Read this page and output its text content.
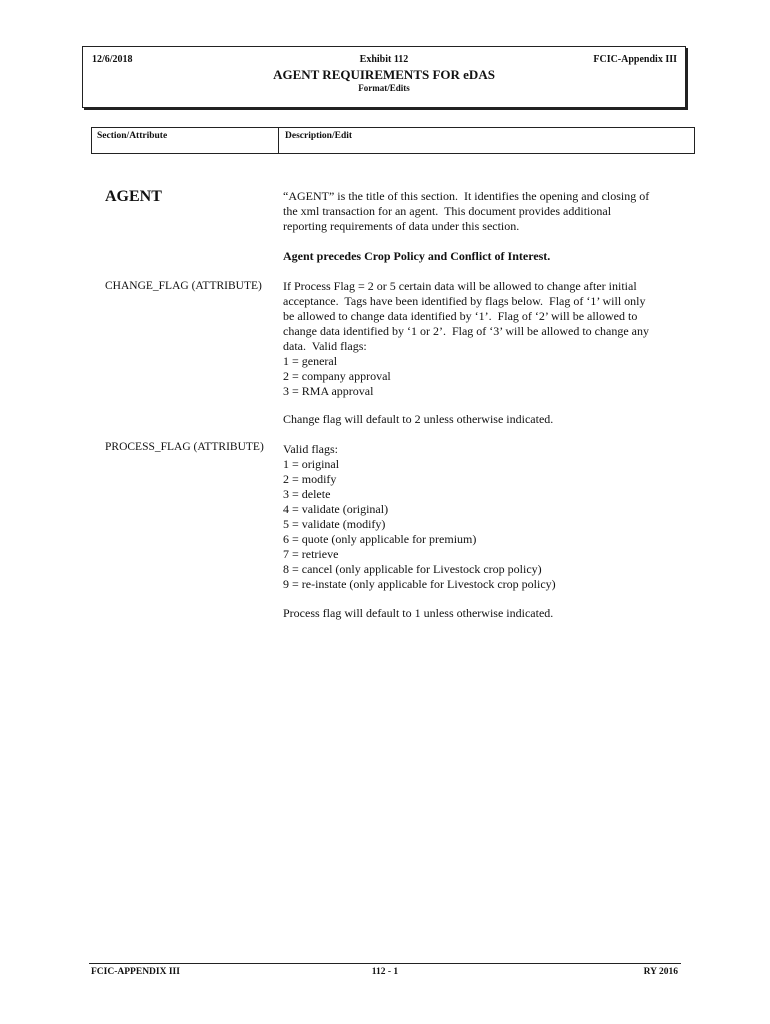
12/6/2018	Exhibit 112	FCIC-Appendix III
AGENT REQUIREMENTS FOR eDAS
Format/Edits
Section/Attribute	Description/Edit
AGENT	“AGENT” is the title of this section.  It identifies the opening and closing of
the xml transaction for an agent.  This document provides additional
reporting requirements of data under this section.
Agent precedes Crop Policy and Conflict of Interest.
CHANGE_FLAG (ATTRIBUTE) If Process Flag = 2 or 5 certain data will be allowed to change after initial
acceptance.  Tags have been identified by flags below.  Flag of ‘1’ will only
be allowed to change data identified by ‘1’.  Flag of ‘2’ will be allowed to
change data identified by ‘1 or 2’.  Flag of ‘3’ will be allowed to change any
data.  Valid flags:
1 = general
2 = company approval
3 = RMA approval
Change flag will default to 2 unless otherwise indicated.
PROCESS_FLAG (ATTRIBUTE) Valid flags:
1 = original
2 = modify
3 = delete
4 = validate (original)
5 = validate (modify)
6 = quote (only applicable for premium)
7 = retrieve
8 = cancel (only applicable for Livestock crop policy)
9 = re-instate (only applicable for Livestock crop policy)
Process flag will default to 1 unless otherwise indicated.
FCIC-APPENDIX III	112 - 1	RY 2016
